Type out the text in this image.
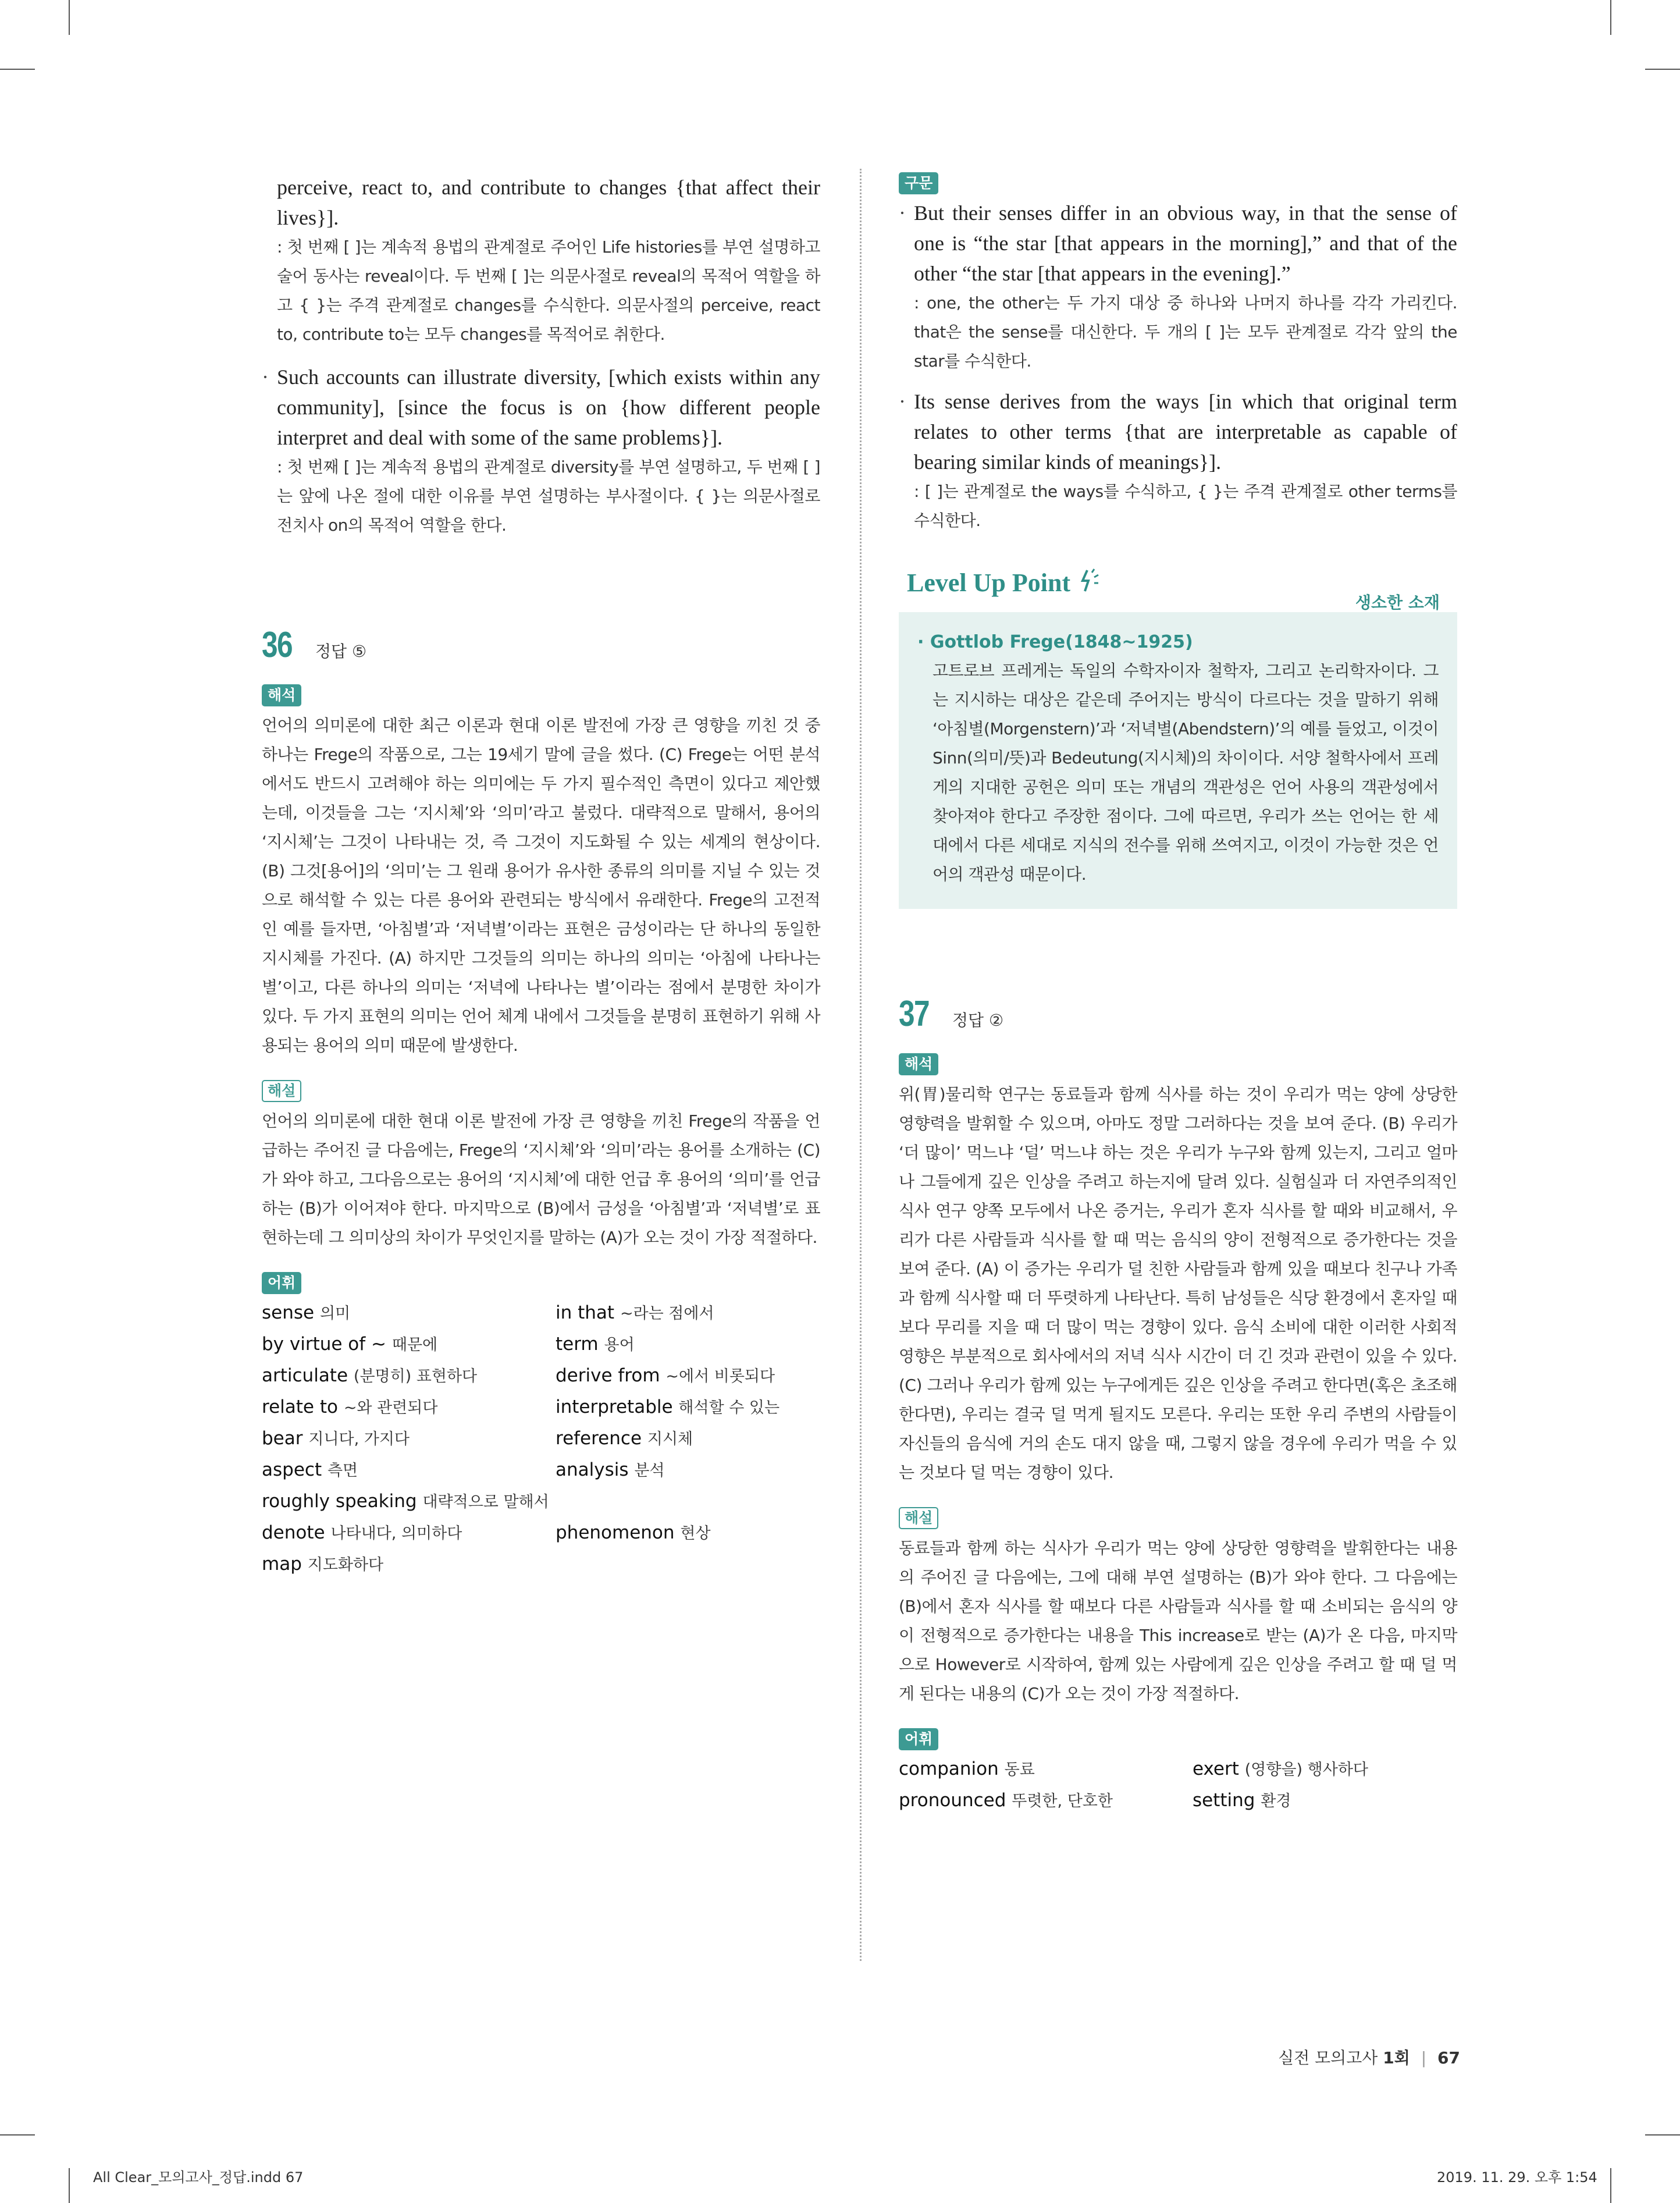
perceive, react to, and contribute to changes {that affect their lives}].
: 첫 번째 [ ]는 계속적 용법의 관계절로 주어인 Life histories를 부연 설명하고 술어 동사는 reveal이다. 두 번째 [ ]는 의문사절로 reveal의 목적어 역할을 하고 { }는 주격 관계절로 changes를 수식한다. 의문사절의 perceive, react to, contribute to는 모두 changes를 목적어로 취한다.
· Such accounts can illustrate diversity, [which exists within any community], [since the focus is on {how different people interpret and deal with some of the same problems}].
: 첫 번째 [ ]는 계속적 용법의 관계절로 diversity를 부연 설명하고, 두 번째 [ ]는 앞에 나온 절에 대한 이유를 부연 설명하는 부사절이다. { }는 의문사절로 전치사 on의 목적어 역할을 한다.
36 정답 ⑤
해석
언어의 의미론에 대한 최근 이론과 현대 이론 발전에 가장 큰 영향을 끼친 것 중 하나는 Frege의 작품으로, 그는 19세기 말에 글을 썼다. (C) Frege는 어떤 분석에서도 반드시 고려해야 하는 의미에는 두 가지 필수적인 측면이 있다고 제안했는데, 이것들을 그는 ‘지시체’와 ‘의미’라고 불렀다. 대략적으로 말해서, 용어의 ‘지시체’는 그것이 나타내는 것, 즉 그것이 지도화될 수 있는 세계의 현상이다. (B) 그것[용어]의 ‘의미’는 그 원래 용어가 유사한 종류의 의미를 지닐 수 있는 것으로 해석할 수 있는 다른 용어와 관련되는 방식에서 유래한다. Frege의 고전적인 예를 들자면, ‘아침별’과 ‘저녁별’이라는 표현은 금성이라는 단 하나의 동일한 지시체를 가진다. (A) 하지만 그것들의 의미는 하나의 의미는 ‘아침에 나타나는 별’이고, 다른 하나의 의미는 ‘저녁에 나타나는 별’이라는 점에서 분명한 차이가 있다. 두 가지 표현의 의미는 언어 체계 내에서 그것들을 분명히 표현하기 위해 사용되는 용어의 의미 때문에 발생한다.
해설
언어의 의미론에 대한 현대 이론 발전에 가장 큰 영향을 끼친 Frege의 작품을 언급하는 주어진 글 다음에는, Frege의 ‘지시체’와 ‘의미’라는 용어를 소개하는 (C)가 와야 하고, 그다음으로는 용어의 ‘지시체’에 대한 언급 후 용어의 ‘의미’를 언급하는 (B)가 이어져야 한다. 마지막으로 (B)에서 금성을 ‘아침별’과 ‘저녁별’로 표현하는데 그 의미상의 차이가 무엇인지를 말하는 (A)가 오는 것이 가장 적절하다.
어휘
sense 의미	in that ~라는 점에서
by virtue of ~ 때문에	term 용어
articulate (분명히) 표현하다	derive from ~에서 비롯되다
relate to ~와 관련되다	interpretable 해석할 수 있는
bear 지니다, 가지다	reference 지시체
aspect 측면	analysis 분석
roughly speaking 대략적으로 말해서
denote 나타내다, 의미하다	phenomenon 현상
map 지도화하다
구문
· But their senses differ in an obvious way, in that the sense of one is “the star [that appears in the morning],” and that of the other “the star [that appears in the evening].”
: one, the other는 두 가지 대상 중 하나와 나머지 하나를 각각 가리킨다. that은 the sense를 대신한다. 두 개의 [ ]는 모두 관계절로 각각 앞의 the star를 수식한다.
· Its sense derives from the ways [in which that original term relates to other terms {that are interpretable as capable of bearing similar kinds of meanings}].
: [ ]는 관계절로 the ways를 수식하고, { }는 주격 관계절로 other terms를 수식한다.
Level Up Point
생소한 소재
· Gottlob Frege(1848~1925)
고트로브 프레게는 독일의 수학자이자 철학자, 그리고 논리학자이다. 그는 지시하는 대상은 같은데 주어지는 방식이 다르다는 것을 말하기 위해 ‘아침별(Morgenstern)’과 ‘저녁별(Abendstern)’의 예를 들었고, 이것이 Sinn(의미/뜻)과 Bedeutung(지시체)의 차이이다. 서양 철학사에서 프레게의 지대한 공헌은 의미 또는 개념의 객관성은 언어 사용의 객관성에서 찾아져야 한다고 주장한 점이다. 그에 따르면, 우리가 쓰는 언어는 한 세대에서 다른 세대로 지식의 전수를 위해 쓰여지고, 이것이 가능한 것은 언어의 객관성 때문이다.
37 정답 ②
해석
위(胃)물리학 연구는 동료들과 함께 식사를 하는 것이 우리가 먹는 양에 상당한 영향력을 발휘할 수 있으며, 아마도 정말 그러하다는 것을 보여 준다. (B) 우리가 ‘더 많이’ 먹느냐 ‘덜’ 먹느냐 하는 것은 우리가 누구와 함께 있는지, 그리고 얼마나 그들에게 깊은 인상을 주려고 하는지에 달려 있다. 실험실과 더 자연주의적인 식사 연구 양쪽 모두에서 나온 증거는, 우리가 혼자 식사를 할 때와 비교해서, 우리가 다른 사람들과 식사를 할 때 먹는 음식의 양이 전형적으로 증가한다는 것을 보여 준다. (A) 이 증가는 우리가 덜 친한 사람들과 함께 있을 때보다 친구나 가족과 함께 식사할 때 더 뚜렷하게 나타난다. 특히 남성들은 식당 환경에서 혼자일 때보다 무리를 지을 때 더 많이 먹는 경향이 있다. 음식 소비에 대한 이러한 사회적 영향은 부분적으로 회사에서의 저녁 식사 시간이 더 긴 것과 관련이 있을 수 있다. (C) 그러나 우리가 함께 있는 누구에게든 깊은 인상을 주려고 한다면(혹은 초조해한다면), 우리는 결국 덜 먹게 될지도 모른다. 우리는 또한 우리 주변의 사람들이 자신들의 음식에 거의 손도 대지 않을 때, 그렇지 않을 경우에 우리가 먹을 수 있는 것보다 덜 먹는 경향이 있다.
해설
동료들과 함께 하는 식사가 우리가 먹는 양에 상당한 영향력을 발휘한다는 내용의 주어진 글 다음에는, 그에 대해 부연 설명하는 (B)가 와야 한다. 그 다음에는 (B)에서 혼자 식사를 할 때보다 다른 사람들과 식사를 할 때 소비되는 음식의 양이 전형적으로 증가한다는 내용을 This increase로 받는 (A)가 온 다음, 마지막으로 However로 시작하여, 함께 있는 사람에게 깊은 인상을 주려고 할 때 덜 먹게 된다는 내용의 (C)가 오는 것이 가장 적절하다.
어휘
companion 동료	exert (영향을) 행사하다
pronounced 뚜렷한, 단호한	setting 환경
실전 모의고사 1회 | 67
All Clear_모의고사_정답.indd 67	2019. 11. 29. 오후 1:54
